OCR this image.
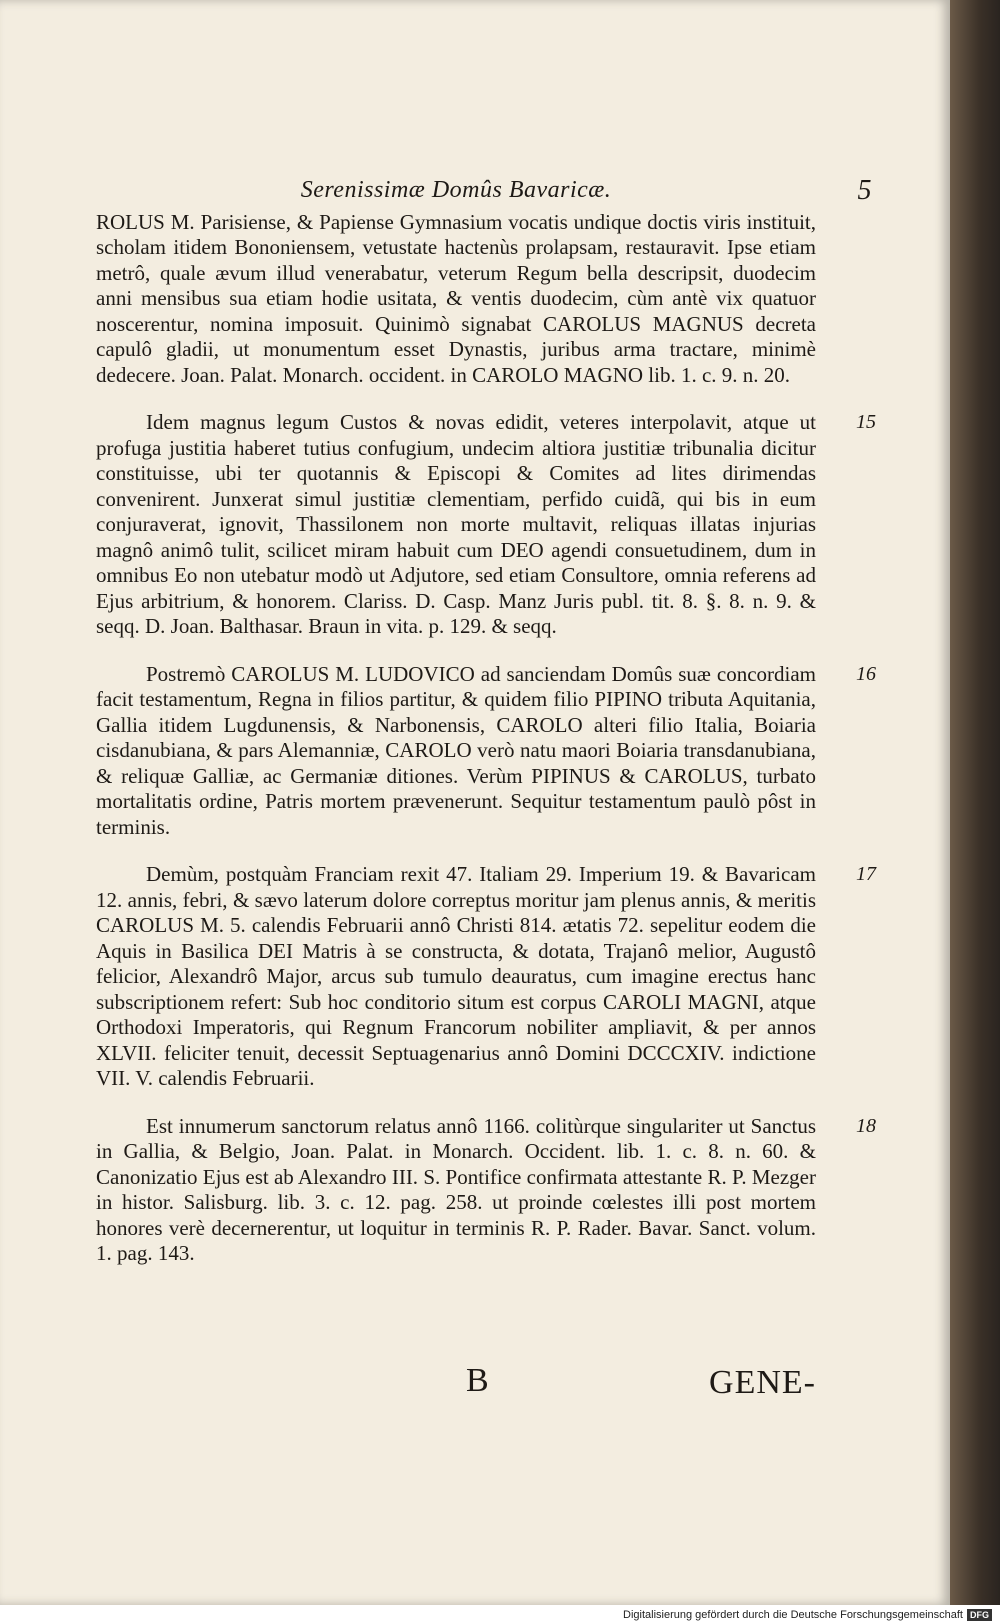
Serenissimæ Domûs Bavaricæ.	5
ROLUS M. Parisiense, & Papiense Gymnasium vocatis undique doctis viris instituit, scholam itidem Bononiensem, vetustate hactenùs prolapsam, restauravit. Ipse etiam metrô, quale ævum illud venerabatur, veterum Regum bella descripsit, duodecim anni mensibus sua etiam hodie usitata, & ventis duodecim, cùm antè vix quatuor noscerentur, nomina imposuit. Quinimò signabat CAROLUS MAGNUS decreta capulô gladii, ut monumentum esset Dynastis, juribus arma tractare, minimè dedecere. Joan. Palat. Monarch. occident. in CAROLO MAGNO lib. 1. c. 9. n. 20.
Idem magnus legum Custos & novas edidit, veteres interpolavit, atque ut profuga justitia haberet tutius confugium, undecim altiora justitiæ tribunalia dicitur constituisse, ubi ter quotannis & Episcopi & Comites ad lites dirimendas convenirent. Junxerat simul justitiæ clementiam, perfido cuidã, qui bis in eum conjuraverat, ignovit, Thassilonem non morte multavit, reliquas illatas injurias magnô animô tulit, scilicet miram habuit cum DEO agendi consuetudinem, dum in omnibus Eo non utebatur modò ut Adjutore, sed etiam Consultore, omnia referens ad Ejus arbitrium, & honorem. Clariss. D. Casp. Manz Juris publ. tit. 8. §. 8. n. 9. & seqq. D. Joan. Balthasar. Braun in vita. p. 129. & seqq.
15
Postremò CAROLUS M. LUDOVICO ad sanciendam Domûs suæ concordiam facit testamentum, Regna in filios partitur, & quidem filio PIPINO tributa Aquitania, Gallia itidem Lugdunensis, & Narbonensis, CAROLO alteri filio Italia, Boiaria cisdanubiana, & pars Alemanniæ, CAROLO verò natu maori Boiaria transdanubiana, & reliquæ Galliæ, ac Germaniæ ditiones. Verùm PIPINUS & CAROLUS, turbato mortalitatis ordine, Patris mortem prævenerunt. Sequitur testamentum paulò pôst in terminis.
16
Demùm, postquàm Franciam rexit 47. Italiam 29. Imperium 19. & Bavaricam 12. annis, febri, & sævo laterum dolore correptus moritur jam plenus annis, & meritis CAROLUS M. 5. calendis Februarii annô Christi 814. ætatis 72. sepelitur eodem die Aquis in Basilica DEI Matris à se constructa, & dotata, Trajanô melior, Augustô felicior, Alexandrô Major, arcus sub tumulo deauratus, cum imagine erectus hanc subscriptionem refert: Sub hoc conditorio situm est corpus CAROLI MAGNI, atque Orthodoxi Imperatoris, qui Regnum Francorum nobiliter ampliavit, & per annos XLVII. feliciter tenuit, decessit Septuagenarius annô Domini DCCCXIV. indictione VII. V. calendis Februarii.
17
Est innumerum sanctorum relatus annô 1166. colitùrque singulariter ut Sanctus in Gallia, & Belgio, Joan. Palat. in Monarch. Occident. lib. 1. c. 8. n. 60. & Canonizatio Ejus est ab Alexandro III. S. Pontifice confirmata attestante R. P. Mezger in histor. Salisburg. lib. 3. c. 12. pag. 258. ut proinde cœlestes illi post mortem honores verè decernerentur, ut loquitur in terminis R. P. Rader. Bavar. Sanct. volum. 1. pag. 143.
18
B	GENE-
Digitalisierung gefördert durch die Deutsche Forschungsgemeinschaft DFG
